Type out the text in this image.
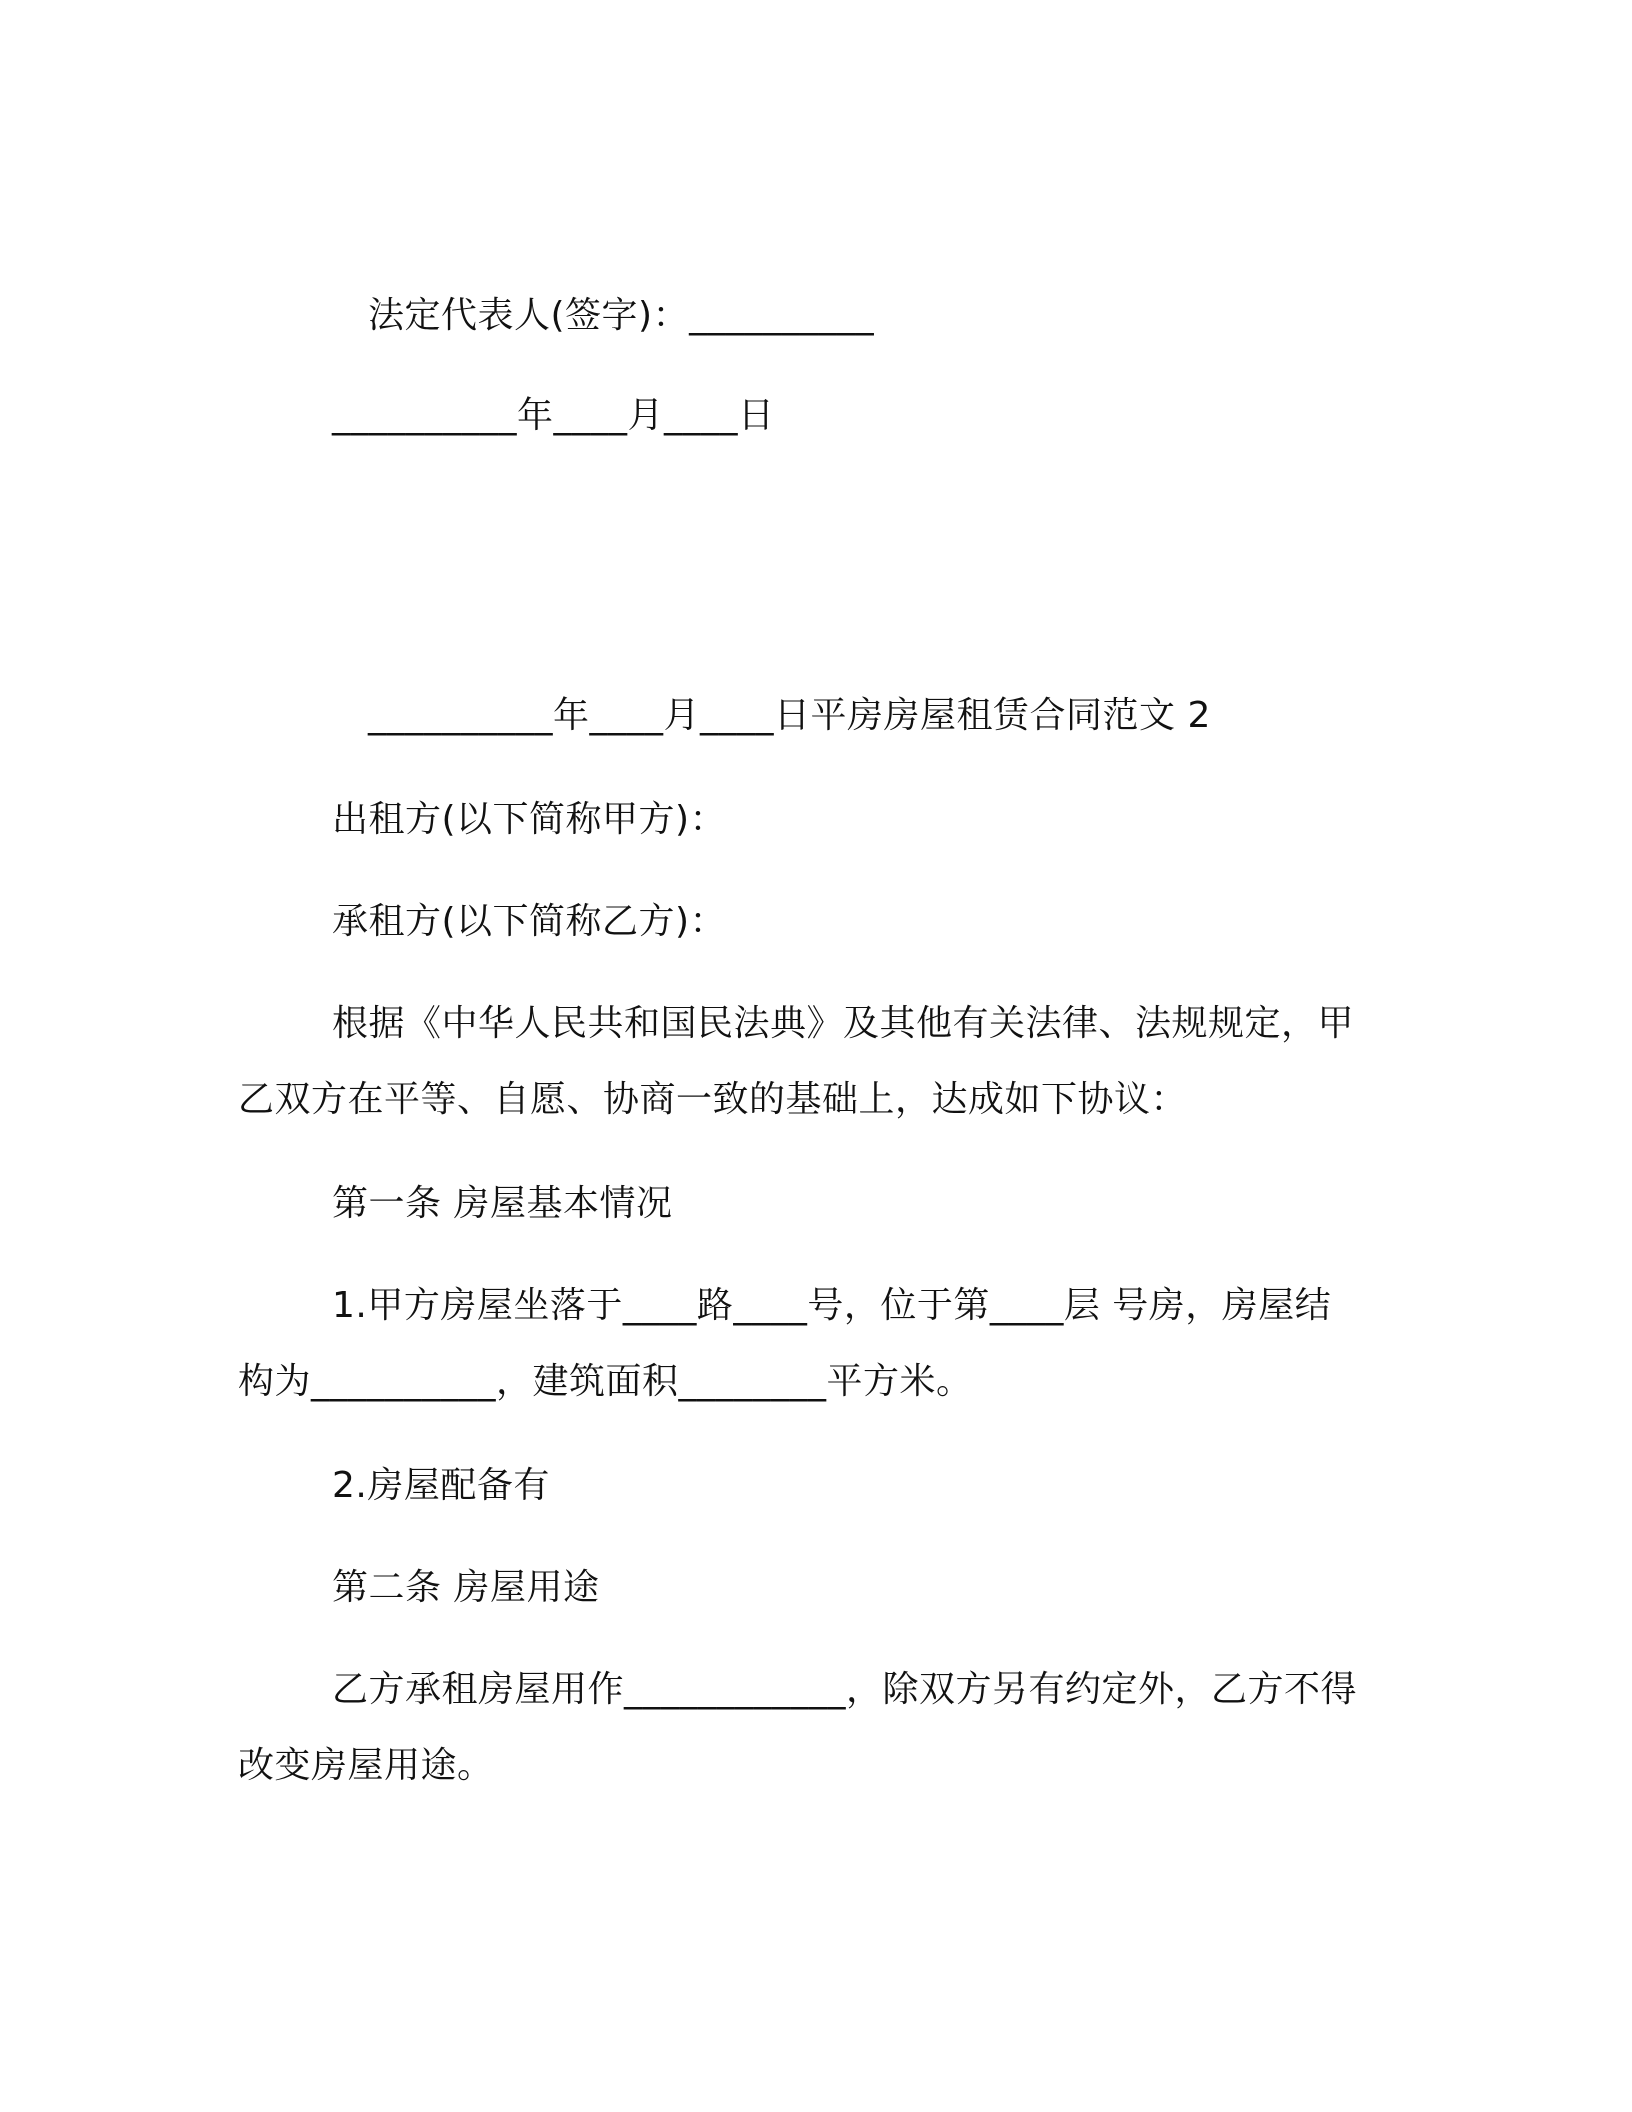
法定代表人(签字)：__________
__________年____月____日
__________年____月____日平房房屋租赁合同范文 2
出租方(以下简称甲方)：
承租方(以下简称乙方)：
根据《中华人民共和国民法典》及其他有关法律、法规规定，甲
乙双方在平等、自愿、协商一致的基础上，达成如下协议：
第一条 房屋基本情况
1.甲方房屋坐落于____路____号，位于第____层 号房，房屋结
构为__________，建筑面积________平方米。
2.房屋配备有
第二条 房屋用途
乙方承租房屋用作____________，除双方另有约定外，乙方不得
改变房屋用途。
